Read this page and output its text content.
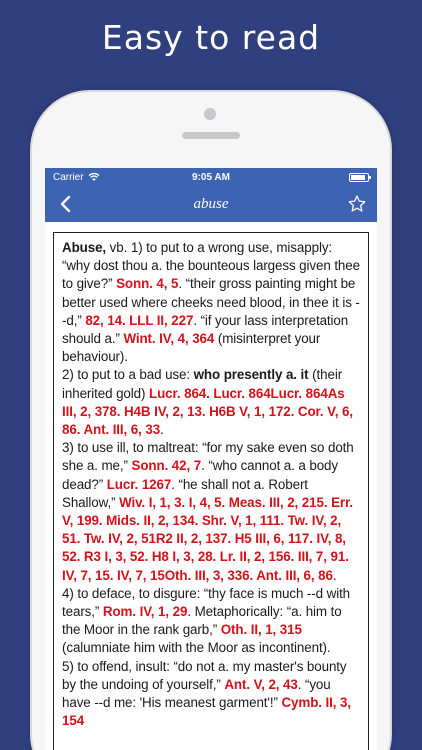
Easy to read
Carrier	9:05 AM
abuse
Abuse, vb. 1) to put to a wrong use, misapply: “why dost thou a. the bounteous largess given thee to give?” Sonn. 4, 5. “their gross painting might be better used where cheeks need blood, in thee it is --d,” 82, 14. LLL II, 227. “if your lass interpretation should a.” Wint. IV, 4, 364 (misinterpret your behaviour).
2) to put to a bad use: who presently a. it (their inherited gold) Lucr. 864. Lucr. 864Lucr. 864As III, 2, 378. H4B IV, 2, 13. H6B V, 1, 172. Cor. V, 6, 86. Ant. III, 6, 33.
3) to use ill, to maltreat: “for my sake even so doth she a. me,” Sonn. 42, 7. “who cannot a. a body dead?” Lucr. 1267. “he shall not a. Robert Shallow,” Wiv. I, 1, 3. I, 4, 5. Meas. III, 2, 215. Err. V, 199. Mids. II, 2, 134. Shr. V, 1, 111. Tw. IV, 2, 51. Tw. IV, 2, 51R2 II, 2, 137. H5 III, 6, 117. IV, 8, 52. R3 I, 3, 52. H8 I, 3, 28. Lr. II, 2, 156. III, 7, 91. IV, 7, 15. IV, 7, 15Oth. III, 3, 336. Ant. III, 6, 86.
4) to deface, to disgure: “thy face is much --d with tears,” Rom. IV, 1, 29. Metaphorically: “a. him to the Moor in the rank garb,” Oth. II, 1, 315 (calumniate him with the Moor as incontinent).
5) to offend, insult: “do not a. my master's bounty by the undoing of yourself,” Ant. V, 2, 43. “you have --d me: 'His meanest garment'!” Cymb. II, 3, 154
